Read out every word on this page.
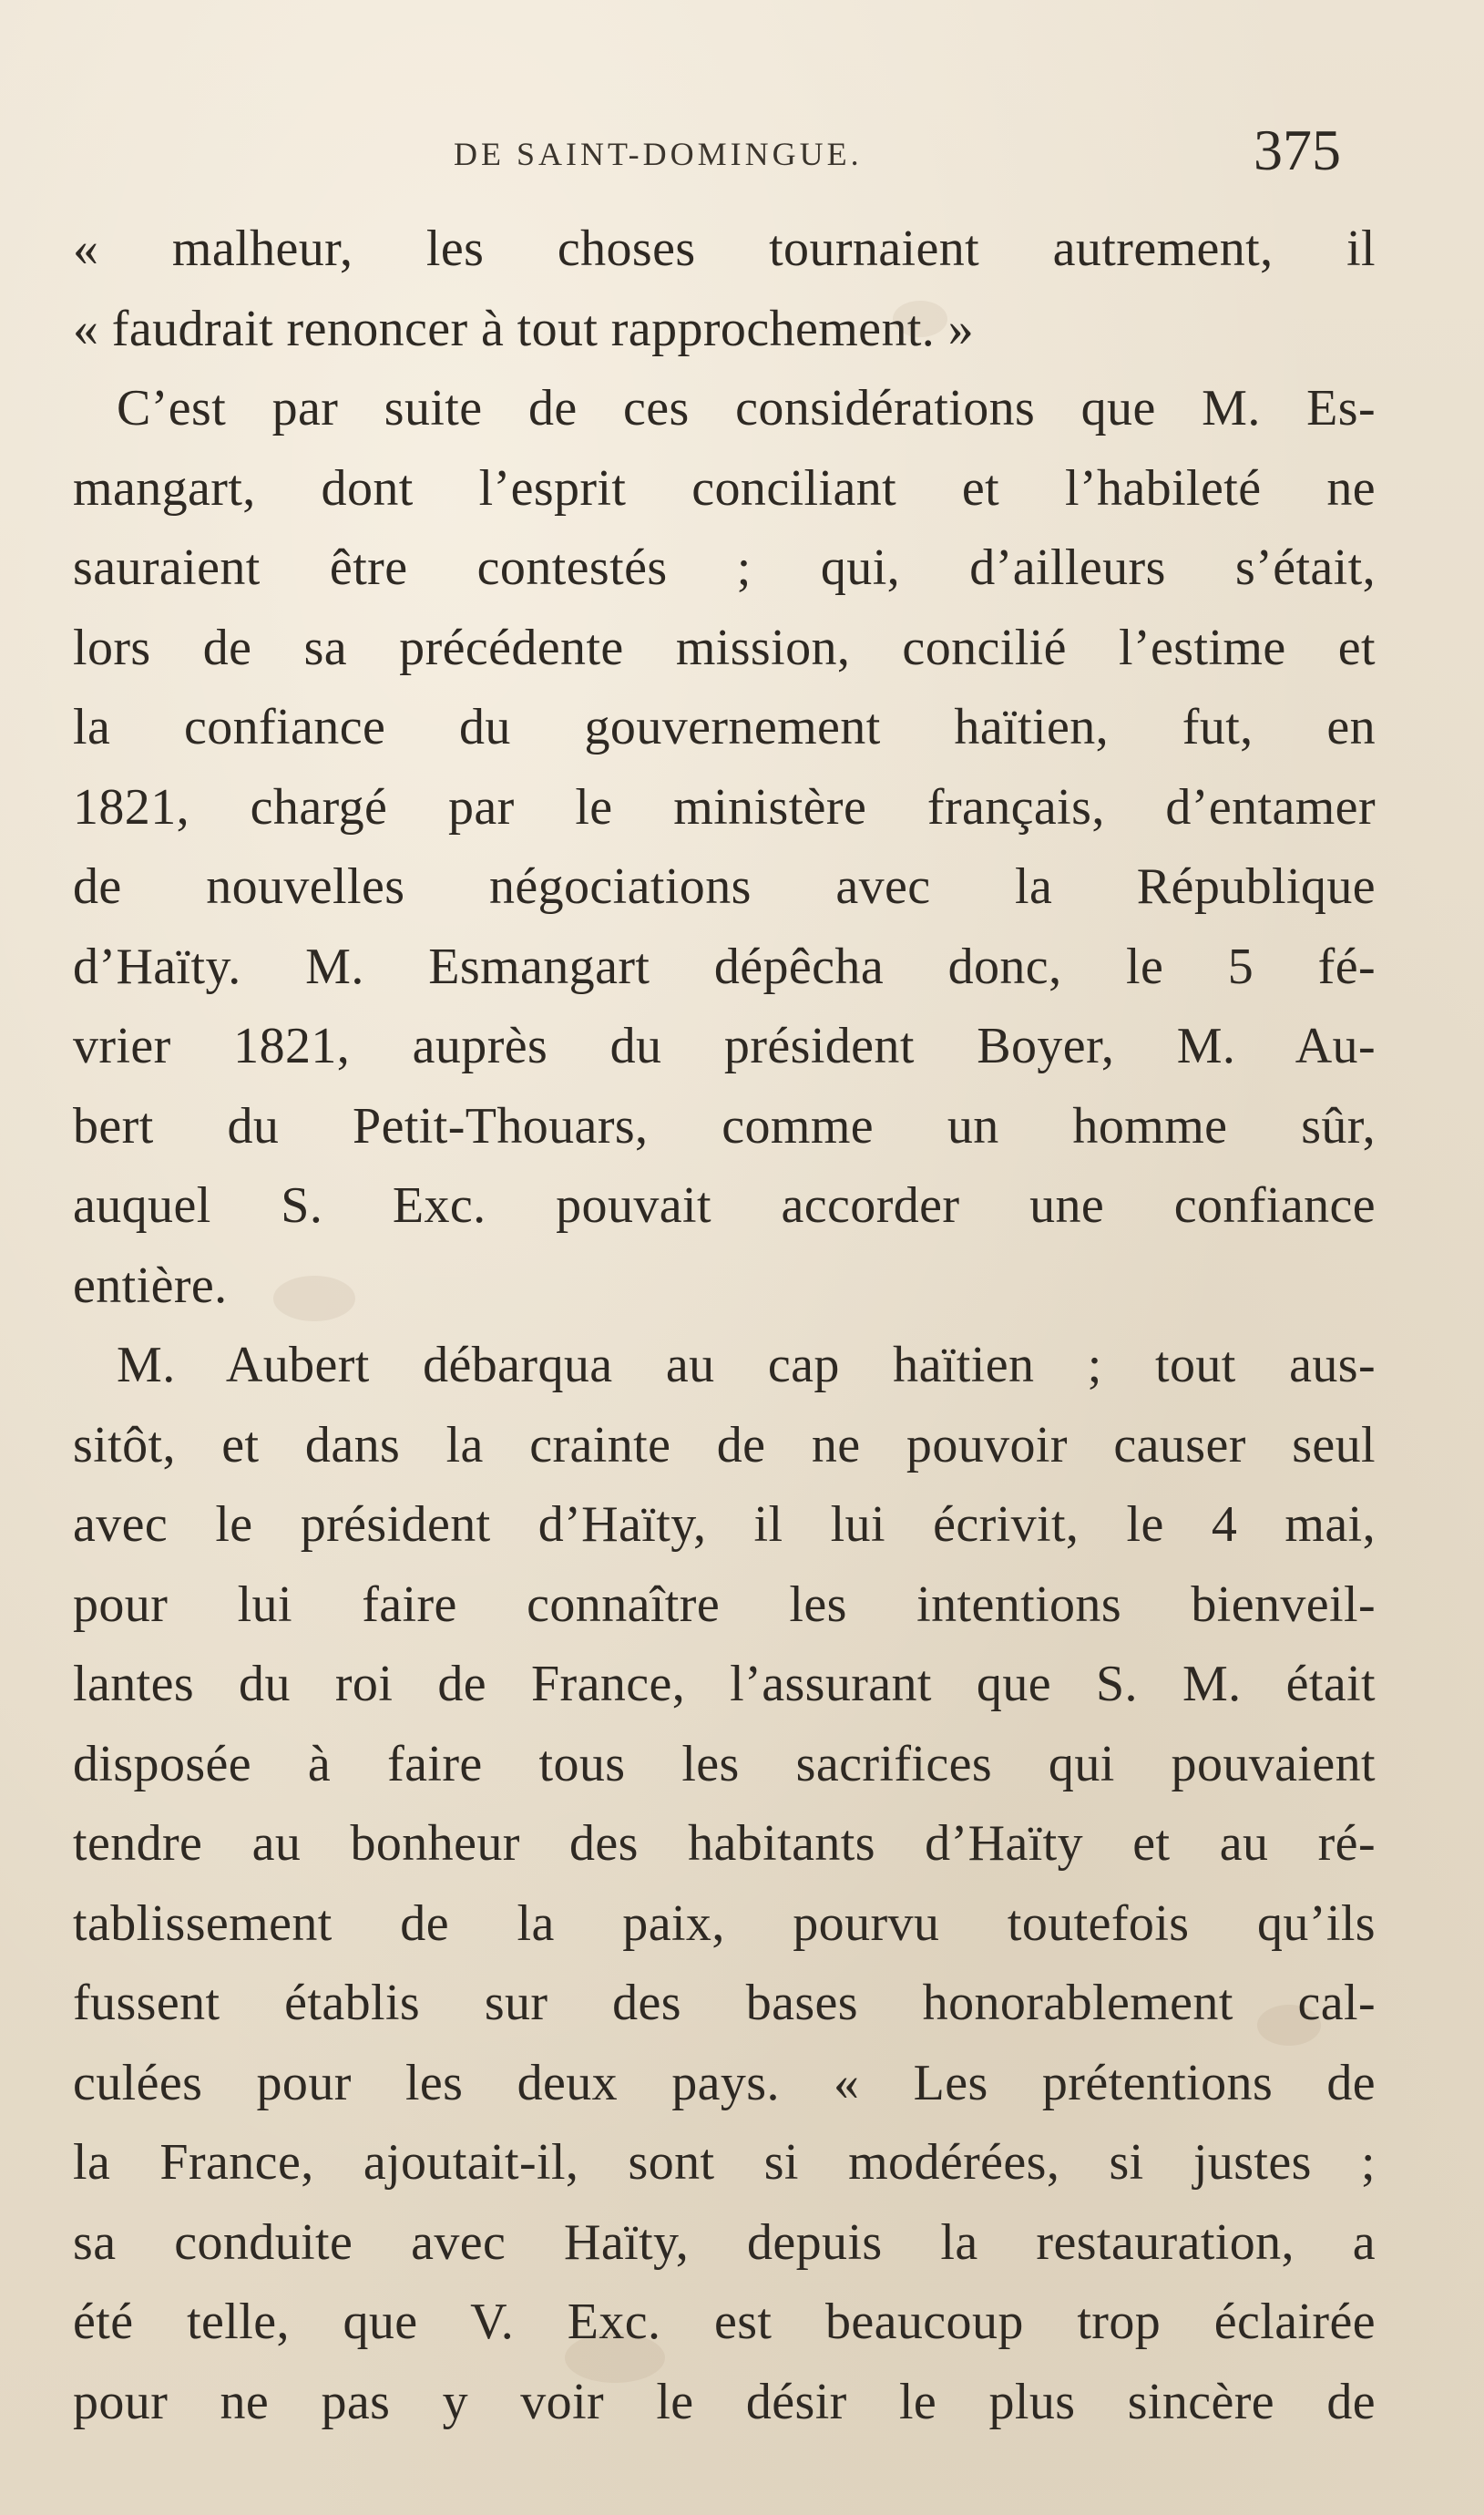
DE SAINT-DOMINGUE.	375
« malheur, les choses tournaient autrement, il
« faudrait renoncer à tout rapprochement. »
C’est par suite de ces considérations que M. Es-
mangart, dont l’esprit conciliant et l’habileté ne
sauraient être contestés ; qui, d’ailleurs s’était,
lors de sa précédente mission, concilié l’estime et
la confiance du gouvernement haïtien, fut, en
1821, chargé par le ministère français, d’entamer
de nouvelles négociations avec la République
d’Haïty. M. Esmangart dépêcha donc, le 5 fé-
vrier 1821, auprès du président Boyer, M. Au-
bert du Petit-Thouars, comme un homme sûr,
auquel S. Exc. pouvait accorder une confiance
entière.
M. Aubert débarqua au cap haïtien ; tout aus-
sitôt, et dans la crainte de ne pouvoir causer seul
avec le président d’Haïty, il lui écrivit, le 4 mai,
pour lui faire connaître les intentions bienveil-
lantes du roi de France, l’assurant que S. M. était
disposée à faire tous les sacrifices qui pouvaient
tendre au bonheur des habitants d’Haïty et au ré-
tablissement de la paix, pourvu toutefois qu’ils
fussent établis sur des bases honorablement cal-
culées pour les deux pays. « Les prétentions de
la France, ajoutait-il, sont si modérées, si justes ;
sa conduite avec Haïty, depuis la restauration, a
été telle, que V. Exc. est beaucoup trop éclairée
pour ne pas y voir le désir le plus sincère de
